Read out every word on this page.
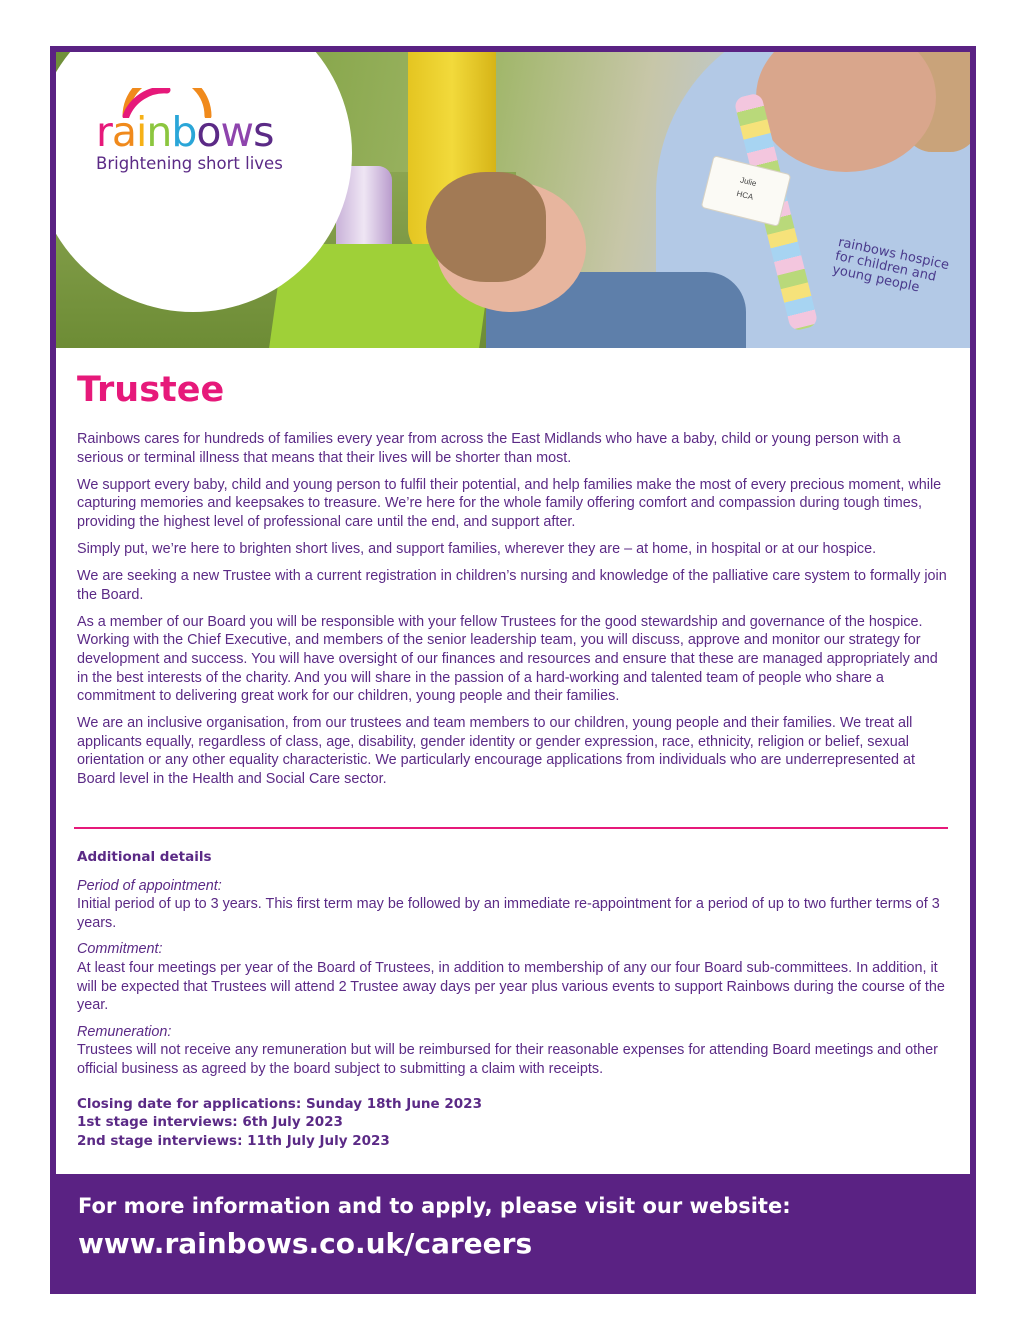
Julie
HCA
rainbows hospice for children and young people
rainbows
Brightening short lives
Trustee

Rainbows cares for hundreds of families every year from across the East Midlands who have a baby, child or young person with a serious or terminal illness that means that their lives will be shorter than most.

We support every baby, child and young person to fulfil their potential, and help families make the most of every precious moment, while capturing memories and keepsakes to treasure. We’re here for the whole family offering comfort and compassion during tough times, providing the highest level of professional care until the end, and support after.

Simply put, we’re here to brighten short lives, and support families, wherever they are – at home, in hospital or at our hospice.

We are seeking a new Trustee with a current registration in children’s nursing and knowledge of the palliative care system to formally join the Board.

As a member of our Board you will be responsible with your fellow Trustees for the good stewardship and governance of the hospice. Working with the Chief Executive, and members of the senior leadership team, you will discuss, approve and monitor our strategy for development and success. You will have oversight of our finances and resources and ensure that these are managed appropriately and in the best interests of the charity. And you will share in the passion of a hard-working and talented team of people who share a commitment to delivering great work for our children, young people and their families.

We are an inclusive organisation, from our trustees and team members to our children, young people and their families. We treat all applicants equally, regardless of class, age, disability, gender identity or gender expression, race, ethnicity, religion or belief, sexual orientation or any other equality characteristic. We particularly encourage applications from individuals who are underrepresented at Board level in the Health and Social Care sector.

Additional details

Period of appointment:

Initial period of up to 3 years. This first term may be followed by an immediate re-appointment for a period of up to two further terms of 3 years.

Commitment:

At least four meetings per year of the Board of Trustees, in addition to membership of any our four Board sub-committees. In addition, it will be expected that Trustees will attend 2 Trustee away days per year plus various events to support Rainbows during the course of the year.

Remuneration:

Trustees will not receive any remuneration but will be reimbursed for their reasonable expenses for attending Board meetings and other official business as agreed by the board subject to submitting a claim with receipts.

Closing date for applications: Sunday 18th June 2023
1st stage interviews: 6th July 2023
2nd stage interviews: 11th July July 2023

For more information and to apply, please visit our website:

www.rainbows.co.uk/careers
